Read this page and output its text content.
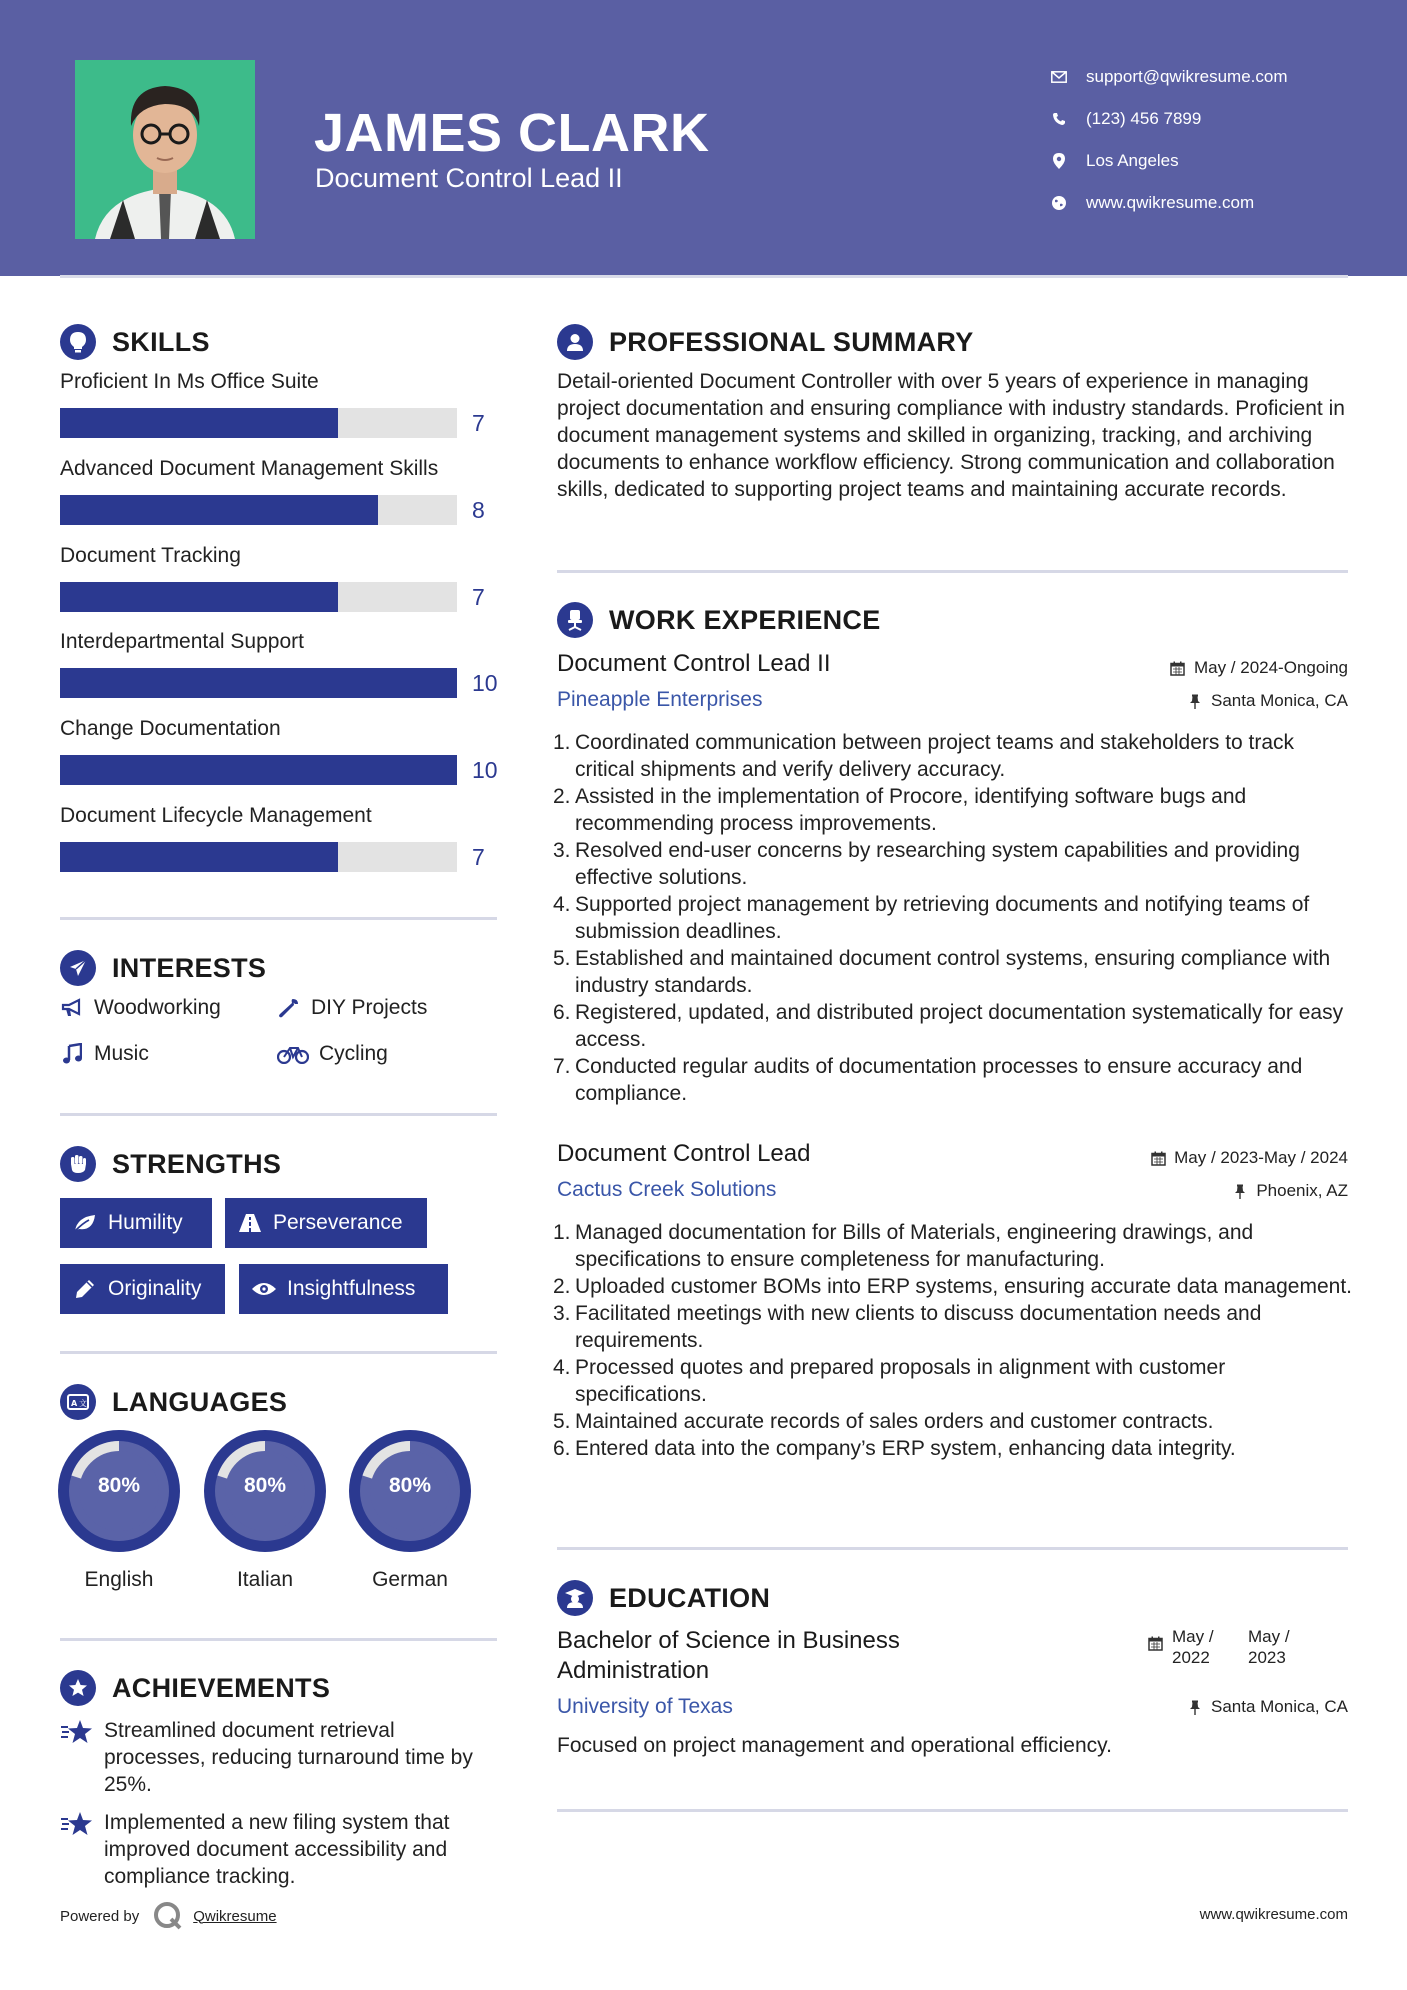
JAMES CLARK
Document Control Lead II
support@qwikresume.com
(123) 456 7899
Los Angeles
www.qwikresume.com
SKILLS
Proficient In Ms Office Suite
7
Advanced Document Management Skills
8
Document Tracking
7
Interdepartmental Support
10
Change Documentation
10
Document Lifecycle Management
7
INTERESTS
Woodworking	DIY Projects
Music	Cycling
STRENGTHS
Humility	Perseverance
Originality	Insightfulness
A 文 LANGUAGES
80%
English
80%
Italian
80%
German
ACHIEVEMENTS
Streamlined document retrieval processes, reducing turnaround time by 25%.
Implemented a new filing system that improved document accessibility and compliance tracking.
PROFESSIONAL SUMMARY
Detail-oriented Document Controller with over 5 years of experience in managing project documentation and ensuring compliance with industry standards. Proficient in document management systems and skilled in organizing, tracking, and archiving documents to enhance workflow efficiency. Strong communication and collaboration skills, dedicated to supporting project teams and maintaining accurate records.
WORK EXPERIENCE
Document Control Lead II	May / 2024-Ongoing
Pineapple Enterprises	Santa Monica, CA
1. Coordinated communication between project teams and stakeholders to track critical shipments and verify delivery accuracy.
2. Assisted in the implementation of Procore, identifying software bugs and recommending process improvements.
3. Resolved end-user concerns by researching system capabilities and providing effective solutions.
4. Supported project management by retrieving documents and notifying teams of submission deadlines.
5. Established and maintained document control systems, ensuring compliance with industry standards.
6. Registered, updated, and distributed project documentation systematically for easy access.
7. Conducted regular audits of documentation processes to ensure accuracy and compliance.
Document Control Lead	May / 2023-May / 2024
Cactus Creek Solutions	Phoenix, AZ
1. Managed documentation for Bills of Materials, engineering drawings, and specifications to ensure completeness for manufacturing.
2. Uploaded customer BOMs into ERP systems, ensuring accurate data management.
3. Facilitated meetings with new clients to discuss documentation needs and requirements.
4. Processed quotes and prepared proposals in alignment with customer specifications.
5. Maintained accurate records of sales orders and customer contracts.
6. Entered data into the company’s ERP system, enhancing data integrity.
EDUCATION
Bachelor of Science in Business Administration
May / 2022
May / 2023
University of Texas	Santa Monica, CA
Focused on project management and operational efficiency.
Powered by	Qwikresume	www.qwikresume.com
